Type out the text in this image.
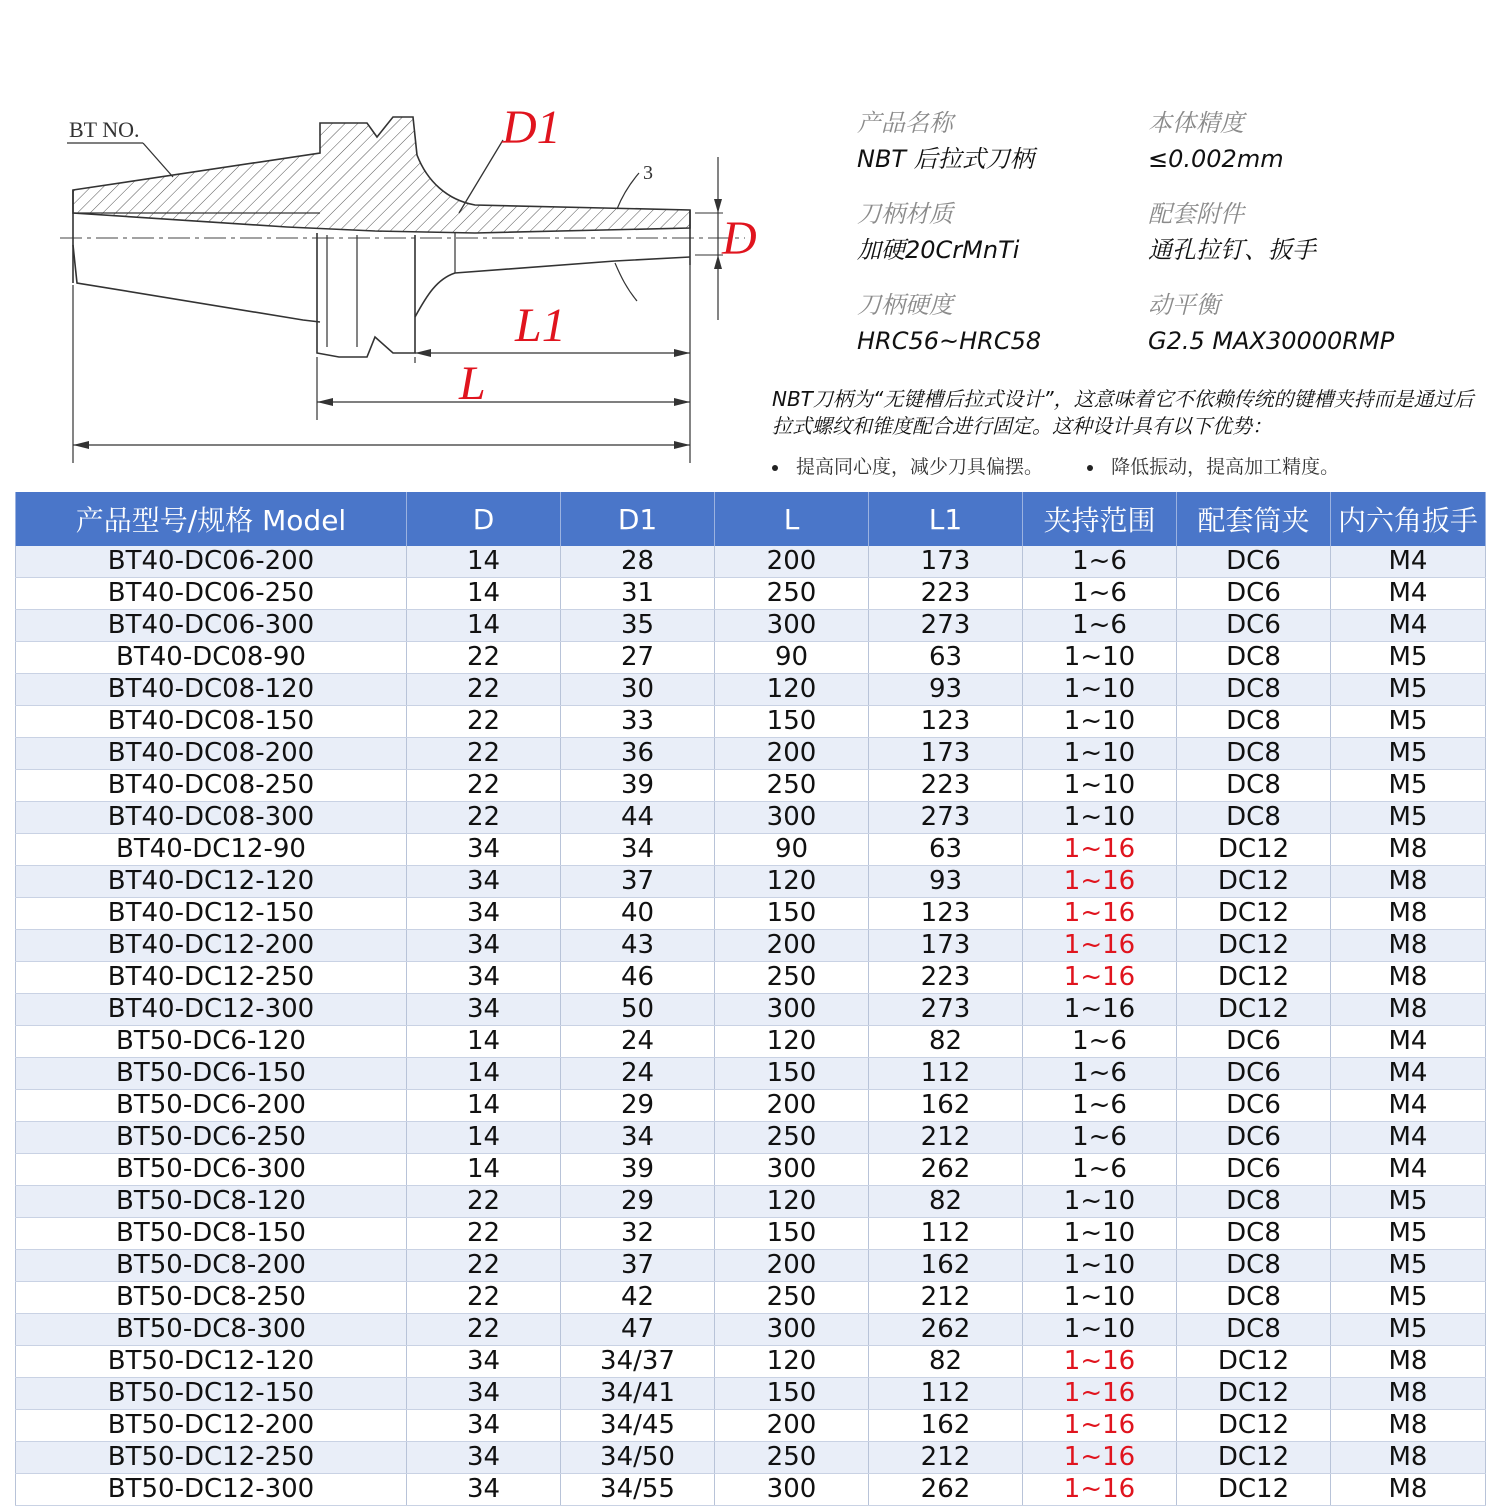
BT NO.
3
D1
D
L1
L
产品名称
NBT 后拉式刀柄
本体精度
≤0.002mm
刀柄材质
加硬20CrMnTi
配套附件
通孔拉钉、扳手
刀柄硬度
HRC56~HRC58
动平衡
G2.5 MAX30000RMP
NBT刀柄为“无键槽后拉式设计”，这意味着它不依赖传统的键槽夹持而是通过后拉式螺纹和锥度配合进行固定。这种设计具有以下优势：
提高同心度，减少刀具偏摆。	降低振动，提高加工精度。
产品型号/规格 Model	D	D1	L	L1	夹持范围	配套筒夹	内六角扳手
BT40-DC06-200	14	28	200	173	1~6	DC6	M4
BT40-DC06-250	14	31	250	223	1~6	DC6	M4
BT40-DC06-300	14	35	300	273	1~6	DC6	M4
BT40-DC08-90	22	27	90	63	1~10	DC8	M5
BT40-DC08-120	22	30	120	93	1~10	DC8	M5
BT40-DC08-150	22	33	150	123	1~10	DC8	M5
BT40-DC08-200	22	36	200	173	1~10	DC8	M5
BT40-DC08-250	22	39	250	223	1~10	DC8	M5
BT40-DC08-300	22	44	300	273	1~10	DC8	M5
BT40-DC12-90	34	34	90	63	1~16	DC12	M8
BT40-DC12-120	34	37	120	93	1~16	DC12	M8
BT40-DC12-150	34	40	150	123	1~16	DC12	M8
BT40-DC12-200	34	43	200	173	1~16	DC12	M8
BT40-DC12-250	34	46	250	223	1~16	DC12	M8
BT40-DC12-300	34	50	300	273	1~16	DC12	M8
BT50-DC6-120	14	24	120	82	1~6	DC6	M4
BT50-DC6-150	14	24	150	112	1~6	DC6	M4
BT50-DC6-200	14	29	200	162	1~6	DC6	M4
BT50-DC6-250	14	34	250	212	1~6	DC6	M4
BT50-DC6-300	14	39	300	262	1~6	DC6	M4
BT50-DC8-120	22	29	120	82	1~10	DC8	M5
BT50-DC8-150	22	32	150	112	1~10	DC8	M5
BT50-DC8-200	22	37	200	162	1~10	DC8	M5
BT50-DC8-250	22	42	250	212	1~10	DC8	M5
BT50-DC8-300	22	47	300	262	1~10	DC8	M5
BT50-DC12-120	34	34/37	120	82	1~16	DC12	M8
BT50-DC12-150	34	34/41	150	112	1~16	DC12	M8
BT50-DC12-200	34	34/45	200	162	1~16	DC12	M8
BT50-DC12-250	34	34/50	250	212	1~16	DC12	M8
BT50-DC12-300	34	34/55	300	262	1~16	DC12	M8
